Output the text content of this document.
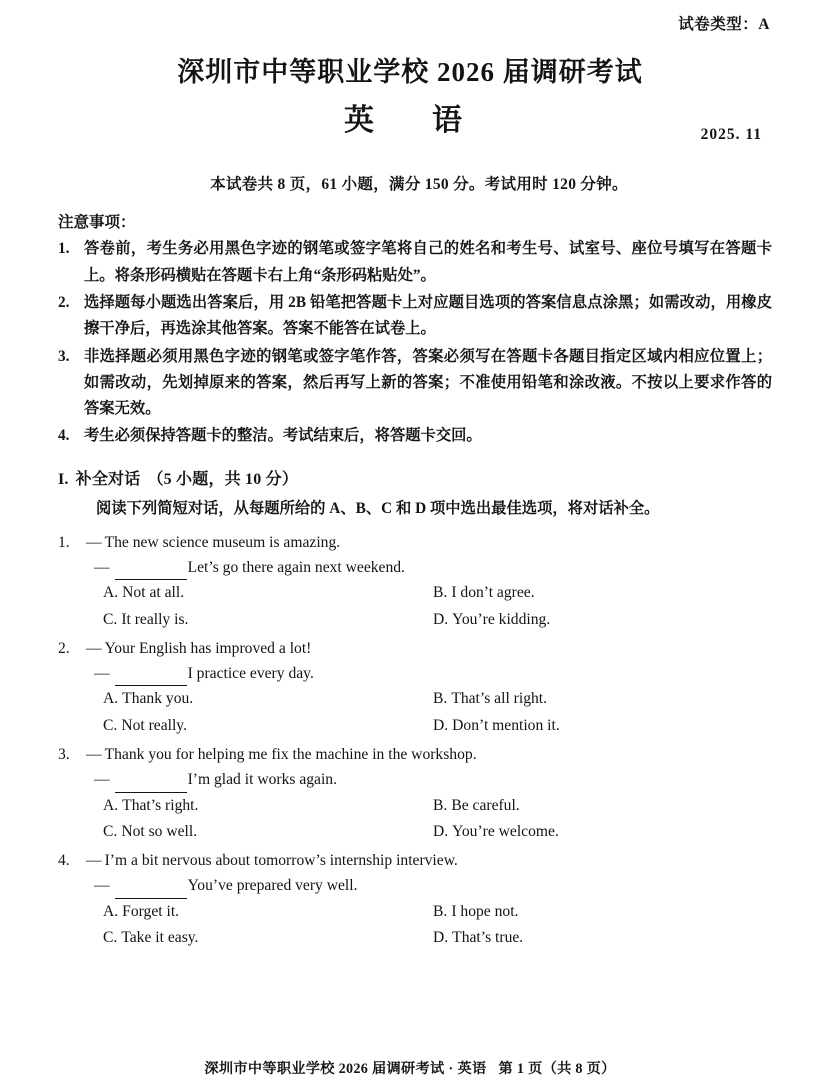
试卷类型：A
深圳市中等职业学校 2026 届调研考试
英　语	2025. 11
本试卷共 8 页，61 小题，满分 150 分。考试用时 120 分钟。
注意事项：
1. 答卷前，考生务必用黑色字迹的钢笔或签字笔将自己的姓名和考生号、试室号、座位号填写在答题卡上。将条形码横贴在答题卡右上角“条形码粘贴处”。
2. 选择题每小题选出答案后，用 2B 铅笔把答题卡上对应题目选项的答案信息点涂黑；如需改动，用橡皮擦干净后，再选涂其他答案。答案不能答在试卷上。
3. 非选择题必须用黑色字迹的钢笔或签字笔作答，答案必须写在答题卡各题目指定区域内相应位置上；如需改动，先划掉原来的答案，然后再写上新的答案；不准使用铅笔和涂改液。不按以上要求作答的答案无效。
4. 考生必须保持答题卡的整洁。考试结束后，将答题卡交回。
I. 补全对话 （5 小题，共 10 分）
阅读下列简短对话，从每题所给的 A、B、C 和 D 项中选出最佳选项，将对话补全。
1. — The new science museum is amazing.
—	Let’s go there again next weekend.
A. Not at all.	B. I don’t agree.
C. It really is.	D. You’re kidding.
2. — Your English has improved a lot!
—	I practice every day.
A. Thank you.	B. That’s all right.
C. Not really.	D. Don’t mention it.
3. — Thank you for helping me fix the machine in the workshop.
—	I’m glad it works again.
A. That’s right.	B. Be careful.
C. Not so well.	D. You’re welcome.
4. — I’m a bit nervous about tomorrow’s internship interview.
—	You’ve prepared very well.
A. Forget it.	B. I hope not.
C. Take it easy.	D. That’s true.
深圳市中等职业学校 2026 届调研考试 · 英语 第 1 页（共 8 页）
